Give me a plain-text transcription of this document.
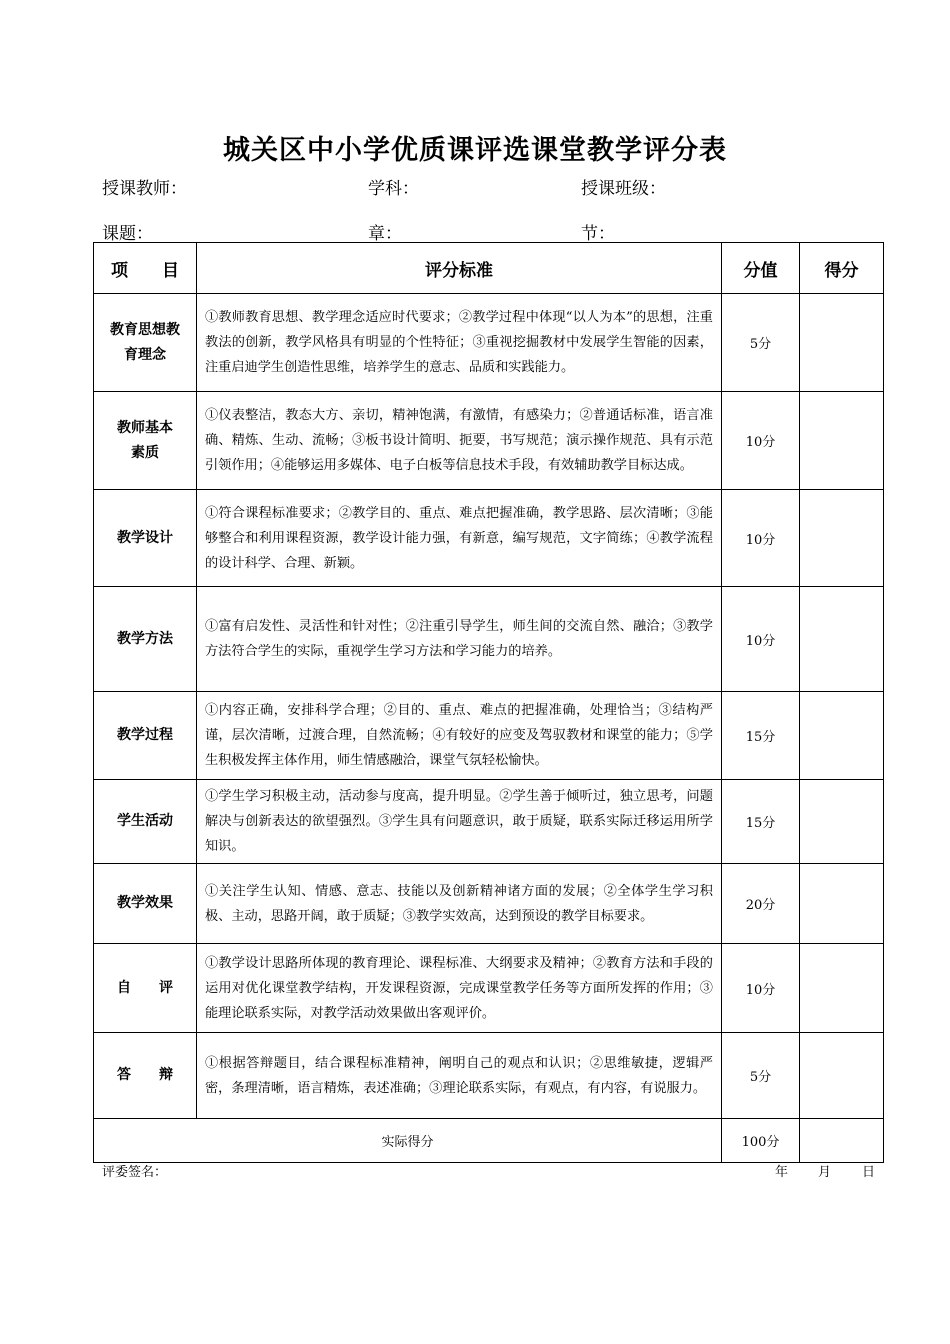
城关区中小学优质课评选课堂教学评分表
授课教师：	学科：	授课班级：
课题：	章：	节：
项　　目	评分标准	分值	得分

教育思想教
育理念	①教师教育思想、教学理念适应时代要求；②教学过程中体现“以人为本”的思想，注重教法的创新，教学风格具有明显的个性特征；③重视挖掘教材中发展学生智能的因素，注重启迪学生创造性思维，培养学生的意志、品质和实践能力。	5分	

教师基本
素质	①仪表整洁，教态大方、亲切，精神饱满，有激情，有感染力；②普通话标准，语言准确、精炼、生动、流畅；③板书设计简明、扼要，书写规范；演示操作规范、具有示范引领作用；④能够运用多媒体、电子白板等信息技术手段，有效辅助教学目标达成。	10分	

教学设计	①符合课程标准要求；②教学目的、重点、难点把握准确，教学思路、层次清晰；③能够整合和利用课程资源，教学设计能力强，有新意，编写规范，文字简练；④教学流程的设计科学、合理、新颖。	10分	

教学方法	①富有启发性、灵活性和针对性；②注重引导学生，师生间的交流自然、融洽；③教学方法符合学生的实际，重视学生学习方法和学习能力的培养。	10分	

教学过程	①内容正确，安排科学合理；②目的、重点、难点的把握准确，处理恰当；③结构严谨，层次清晰，过渡合理，自然流畅；④有较好的应变及驾驭教材和课堂的能力；⑤学生积极发挥主体作用，师生情感融洽，课堂气氛轻松愉快。	15分	

学生活动	①学生学习积极主动，活动参与度高，提升明显。②学生善于倾听过，独立思考，问题解决与创新表达的欲望强烈。③学生具有问题意识，敢于质疑，联系实际迁移运用所学知识。	15分	

教学效果	①关注学生认知、情感、意志、技能以及创新精神诸方面的发展；②全体学生学习积极、主动，思路开阔，敢于质疑；③教学实效高，达到预设的教学目标要求。	20分	

自　　评	①教学设计思路所体现的教育理论、课程标准、大纲要求及精神；②教育方法和手段的运用对优化课堂教学结构，开发课程资源，完成课堂教学任务等方面所发挥的作用；③能理论联系实际，对教学活动效果做出客观评价。	10分	

答　　辩	①根据答辩题目，结合课程标准精神，阐明自己的观点和认识；②思维敏捷，逻辑严密，条理清晰，语言精炼，表述准确；③理论联系实际，有观点，有内容，有说服力。	5分	
实际得分		100分	
评委签名：	年 月 日
